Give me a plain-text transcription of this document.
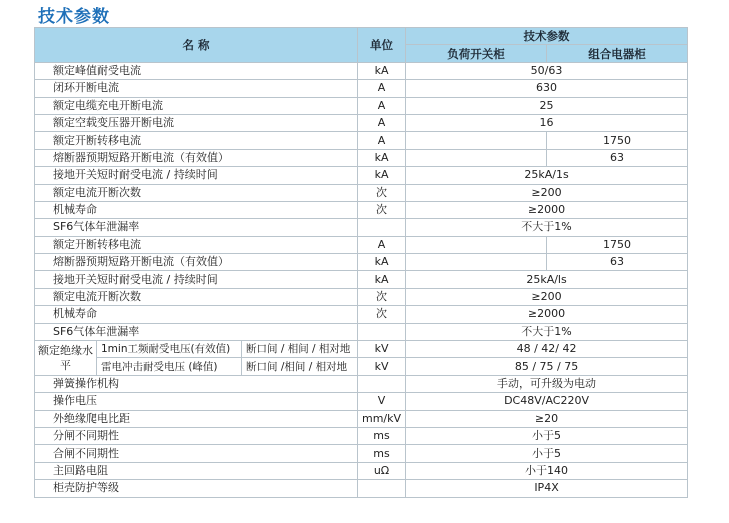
技术参数
名 称			单位	技术参数	
				负荷开关柜	组合电器柜
额定峰值耐受电流			kA	50/63	
闭环开断电流			A	630	
额定电缆充电开断电流			A	25	
额定空载变压器开断电流			A	16	
额定开断转移电流			A		1750
熔断器预期短路开断电流（有效值）			kA		63
接地开关短时耐受电流 / 持续时间			kA	25kA/1s	
额定电流开断次数			次	≥200	
机械寿命			次	≥2000	
SF6气体年泄漏率				不大于1%	
额定开断转移电流			A		1750
熔断器预期短路开断电流（有效值）			kA		63
接地开关短时耐受电流 / 持续时间			kA	25kA/ls	
额定电流开断次数			次	≥200	
机械寿命			次	≥2000	
SF6气体年泄漏率				不大于1%	
额定绝缘水平	1min工频耐受电压(有效值)	断口间 / 相间 / 相对地	kV	48 / 42/ 42	
	雷电冲击耐受电压 (峰值)	断口间 /相间 / 相对地	kV	85 / 75 / 75	
弹簧操作机构				手动，可升级为电动	
操作电压			V	DC48V/AC220V	
外绝缘爬电比距			mm/kV	≥20	
分闸不同期性			ms	小于5	
合闸不同期性			ms	小于5	
主回路电阻			uΩ	小于140	
柜壳防护等级				IP4X	
